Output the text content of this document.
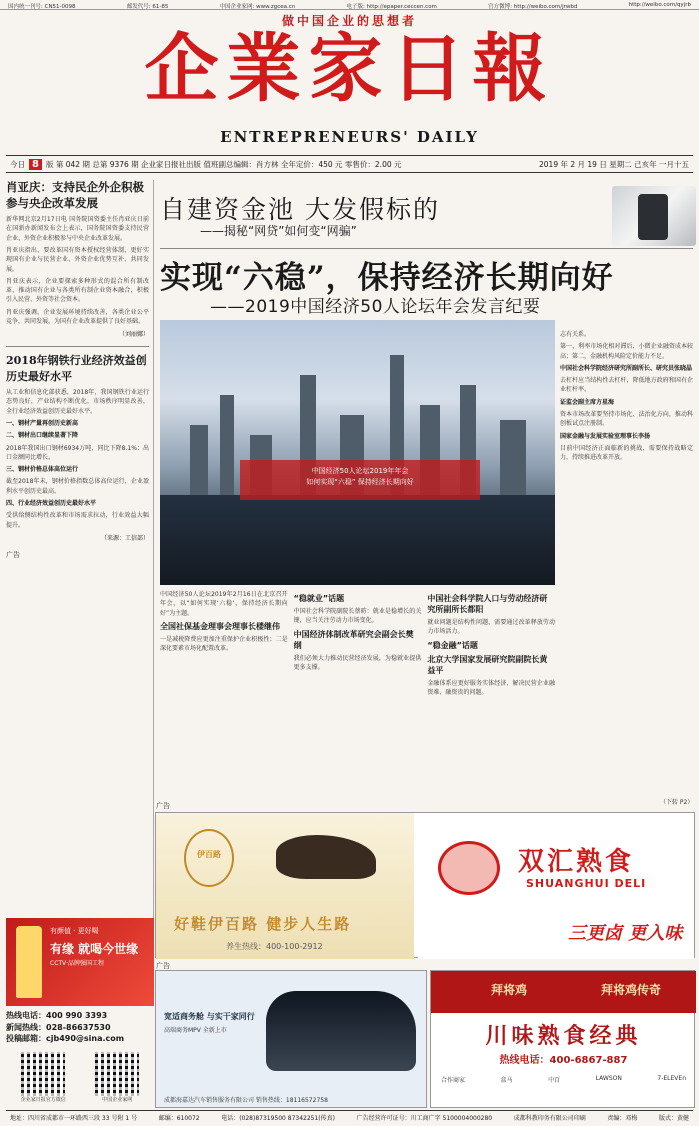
国内统一刊号: CN51-0098	邮发代号: 61-85	中国企业家网: www.zgcea.cn	电子版: http://epaper.ceccen.com	官方微博: http://weibo.com/jrwbd	http://weibo.com/qyjrb
做中国企业的思想者
企業家日報
ENTREPRENEURS' DAILY
今日 8 版 第 042 期 总第 9376 期 企业家日报社出版 值班副总编辑：肖方林 全年定价：450 元 零售价：2.00 元	2019 年 2 月 19 日 星期二 己亥年 一月十五
肖亚庆：支持民企外企积极参与央企改革发展

新华网北京2月17日电 国务院国资委主任肖亚庆日前在国新办新闻发布会上表示，国务院国资委支持民营企业、外资企业积极参与中央企业改革发展。

肖亚庆指出，要改革国有资本授权经营体制，更好实现国有企业与民营企业、外资企业优势互补、共同发展。

肖亚庆表示，企业要探索多种形式的混合所有制改革，推动国有企业与各类所有制企业资本融合，积极引入民营、外资等社会资本。

肖亚庆强调，企业发展环境持续改善，各类企业公平竞争，共同发展，为国有企业改革提供了良好基础。

（刘丽娜）
2018年钢铁行业经济效益创历史最好水平

从工业和信息化部获悉，2018年，我国钢铁行业运行态势良好，产业结构不断优化，市场秩序明显改善，全行业经济效益创历史最好水平。

一、钢材产量再创历史新高

二、钢材出口继续显著下降

2018年我国出口钢材6934万吨，同比下降8.1%；出口金额同比增长。

三、钢材价格总体高位运行

截至2018年末，钢材价格指数总体高位运行，企业盈利水平创历史最高。

四、行业经济效益创历史最好水平

受供给侧结构性改革和市场需求拉动，行业效益大幅提升。

（来源：工信部）
广告
自建资金池 大发假标的
——揭秘“网贷”如何变“网骗”
实现“六稳”，保持经济长期向好
——2019中国经济50人论坛年会发言纪要
中国经济50人论坛2019年年会
如何实现“六稳” 保持经济长期向好

志有关系。

第一，利率市场化相对滞后，小微企业融资成本较高；第二，金融机构风险定价能力不足。

中国社会科学院经济研究所副所长、研究员张晓晶

去杠杆应当结构性去杠杆，降低地方政府和国有企业杠杆率。

证监会副主席方星海

资本市场改革要坚持市场化、法治化方向，推动科创板试点注册制。

国家金融与发展实验室理事长李扬

目前中国经济正面临新的挑战，需要保持战略定力，持续推进改革开放。

中国经济50人论坛2019年2月16日在北京召开年会，以“如何实现‘六稳’，保持经济长期向好”为主题。

全国社保基金理事会理事长楼继伟

一是减税降费应更加注重保护企业积极性；二是深化要素市场化配置改革。

“稳就业”话题

中国社会科学院副院长蔡昉：就业是稳增长的关键，应当关注劳动力市场变化。

中国经济体制改革研究会副会长樊纲

我们必须大力推动民营经济发展，为稳就业提供更多支撑。

中国社会科学院人口与劳动经济研究所副所长都阳

就业问题是结构性问题，需要通过改革释放劳动力市场活力。

“稳金融”话题
北京大学国家发展研究院副院长黄益平

金融体系应更好服务实体经济，解决民营企业融资难、融资贵的问题。

（下转 P2）
广告
伊百路
好鞋伊百路 健步人生路
养生热线：400-100-2912
双汇熟食
SHUANGHUI DELI
三更卤 更入味
有颜值 · 更好喝
有缘 就喝今世缘
CCTV·品牌强国工程
热线电话：400 990 3393
新闻热线：028-86637530
投稿邮箱：cjb490@sina.com
企业家日报官方微信	中国企业家网
广告
宽适商务舱 与实干家同行
高端商务MPV 全新上市
成都海嘉达汽车销售服务有限公司 销售热线：18116572758
拜将鸡	拜将鸡传奇
川味熟食经典
热线电话：400-6867-887
合作商家	盒马	中百	LAWSON	7-ELEVEn
地址：四川省成都市一环路西三段 33 号附 1 号	邮编：610072	电话：(028)87319500 87342251(传真)	广告经营许可证号：川工商广字 5100004000280	成都科教印务有限公司印刷	责编：邓梅	版式：黄健
